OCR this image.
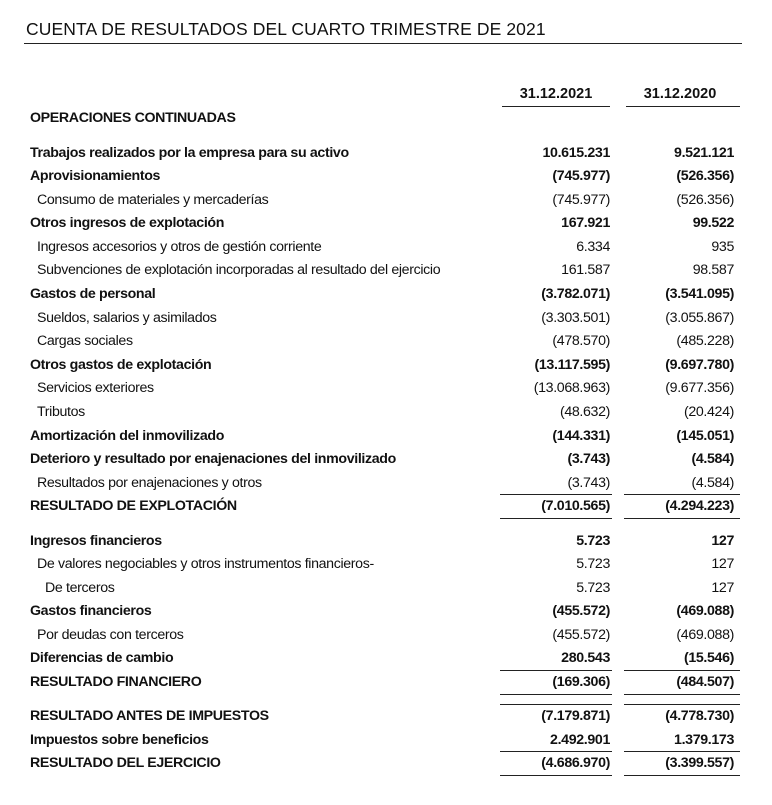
CUENTA DE RESULTADOS DEL CUARTO TRIMESTRE DE 2021
31.12.2021	31.12.2020
OPERACIONES CONTINUADAS
Trabajos realizados por la empresa para su activo	10.615.231	9.521.121
Aprovisionamientos	(745.977)	(526.356)
Consumo de materiales y mercaderías	(745.977)	(526.356)
Otros ingresos de explotación	167.921	99.522
Ingresos accesorios y otros de gestión corriente	6.334	935
Subvenciones de explotación incorporadas al resultado del ejercicio	161.587	98.587
Gastos de personal	(3.782.071)	(3.541.095)
Sueldos, salarios y asimilados	(3.303.501)	(3.055.867)
Cargas sociales	(478.570)	(485.228)
Otros gastos de explotación	(13.117.595)	(9.697.780)
Servicios exteriores	(13.068.963)	(9.677.356)
Tributos	(48.632)	(20.424)
Amortización del inmovilizado	(144.331)	(145.051)
Deterioro y resultado por enajenaciones del inmovilizado	(3.743)	(4.584)
Resultados por enajenaciones y otros	(3.743)	(4.584)
RESULTADO DE EXPLOTACIÓN	(7.010.565)	(4.294.223)
Ingresos financieros	5.723	127
De valores negociables y otros instrumentos financieros-	5.723	127
De terceros	5.723	127
Gastos financieros	(455.572)	(469.088)
Por deudas con terceros	(455.572)	(469.088)
Diferencias de cambio	280.543	(15.546)
RESULTADO FINANCIERO	(169.306)	(484.507)
RESULTADO ANTES DE IMPUESTOS	(7.179.871)	(4.778.730)
Impuestos sobre beneficios	2.492.901	1.379.173
RESULTADO DEL EJERCICIO	(4.686.970)	(3.399.557)
